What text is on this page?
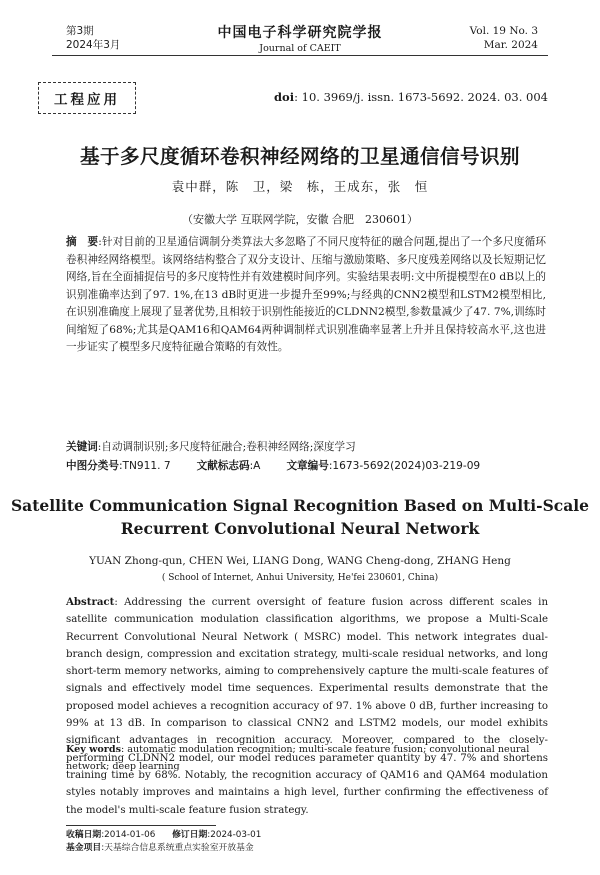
第3期
2024年3月
中国电子科学研究院学报
Journal of CAEIT
Vol. 19 No. 3
Mar. 2024
工程应用	doi: 10. 3969/j. issn. 1673-5692. 2024. 03. 004
基于多尺度循环卷积神经网络的卫星通信信号识别
袁中群，陈　卫，梁　栋，王成东，张　恒
（安徽大学 互联网学院，安徽 合肥　230601）
摘　要:针对目前的卫星通信调制分类算法大多忽略了不同尺度特征的融合问题,提出了一个多尺度循环卷积神经网络模型。该网络结构整合了双分支设计、压缩与激励策略、多尺度残差网络以及长短期记忆网络,旨在全面捕捉信号的多尺度特性并有效建模时间序列。实验结果表明:文中所提模型在0 dB以上的识别准确率达到了97. 1%,在13 dB时更进一步提升至99%;与经典的CNN2模型和LSTM2模型相比,在识别准确度上展现了显著优势,且相较于识别性能接近的CLDNN2模型,参数量减少了47. 7%,训练时间缩短了68%;尤其是QAM16和QAM64两种调制样式识别准确率显著上升并且保持较高水平,这也进一步证实了模型多尺度特征融合策略的有效性。
关键词:自动调制识别;多尺度特征融合;卷积神经网络;深度学习
中图分类号:TN911. 7 文献标志码:A 文章编号:1673-5692(2024)03-219-09
Satellite Communication Signal Recognition Based on Multi-Scale
Recurrent Convolutional Neural Network
YUAN Zhong-qun, CHEN Wei, LIANG Dong, WANG Cheng-dong, ZHANG Heng
( School of Internet, Anhui University, He'fei 230601, China)
Abstract: Addressing the current oversight of feature fusion across different scales in satellite communication modulation classification algorithms, we propose a Multi-Scale Recurrent Convolutional Neural Network ( MSRC) model. This network integrates dual-branch design, compression and excitation strategy, multi-scale residual networks, and long short-term memory networks, aiming to comprehensively capture the multi-scale features of signals and effectively model time sequences. Experimental results demonstrate that the proposed model achieves a recognition accuracy of 97. 1% above 0 dB, further increasing to 99% at 13 dB. In comparison to classical CNN2 and LSTM2 models, our model exhibits significant advantages in recognition accuracy. Moreover, compared to the closely-performing CLDNN2 model, our model reduces parameter quantity by 47. 7% and shortens training time by 68%. Notably, the recognition accuracy of QAM16 and QAM64 modulation styles notably improves and maintains a high level, further confirming the effectiveness of the model's multi-scale feature fusion strategy.
Key words: automatic modulation recognition; multi-scale feature fusion; convolutional neural network; deep learning
收稿日期:2014-01-06 修订日期:2024-03-01
基金项目:天基综合信息系统重点实验室开放基金
